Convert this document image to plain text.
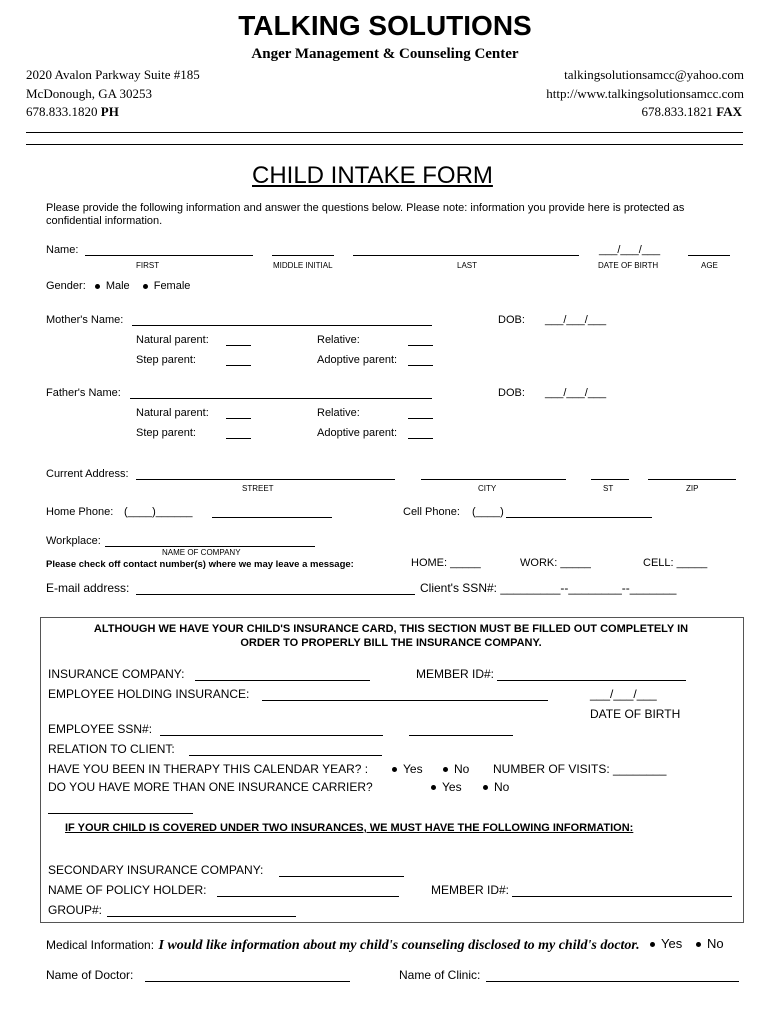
TALKING SOLUTIONS
Anger Management & Counseling Center
2020 Avalon Parkway Suite #185
McDonough, GA 30253
678.833.1820 PH
talkingsolutionsamcc@yahoo.com
http://www.talkingsolutionsamcc.com
678.833.1821 FAX
CHILD INTAKE FORM
Please provide the following information and answer the questions below. Please note: information you provide here is protected as
confidential information.
Name:	___/___/___
FIRST	MIDDLE INITIAL	LAST	DATE OF BIRTH	AGE
Gender: Male Female
Mother's Name:	DOB: ___/___/___
Natural parent:	Relative:
Step parent:	Adoptive parent:
Father's Name:	DOB: ___/___/___
Natural parent:	Relative:
Step parent:	Adoptive parent:
Current Address:
STREET	CITY	ST	ZIP
Home Phone: (____)______	Cell Phone: (____)
Workplace:
NAME OF COMPANY
Please check off contact number(s) where we may leave a message:	HOME: _____	WORK: _____	CELL: _____
E-mail address:	Client's SSN#: _________--________--_______
ALTHOUGH WE HAVE YOUR CHILD'S INSURANCE CARD, THIS SECTION MUST BE FILLED OUT COMPLETELY IN
ORDER TO PROPERLY BILL THE INSURANCE COMPANY.
INSURANCE COMPANY:	MEMBER ID#:
EMPLOYEE HOLDING INSURANCE:	___/___/___
DATE OF BIRTH
EMPLOYEE SSN#:
RELATION TO CLIENT:
HAVE YOU BEEN IN THERAPY THIS CALENDAR YEAR? :	Yes	No NUMBER OF VISITS: ________
DO YOU HAVE MORE THAN ONE INSURANCE CARRIER?	Yes	No
IF YOUR CHILD IS COVERED UNDER TWO INSURANCES, WE MUST HAVE THE FOLLOWING INFORMATION:
SECONDARY INSURANCE COMPANY:
NAME OF POLICY HOLDER:	MEMBER ID#:
GROUP#:
Medical Information: I would like information about my child's counseling disclosed to my child's doctor.	Yes	No
Name of Doctor:	Name of Clinic:
